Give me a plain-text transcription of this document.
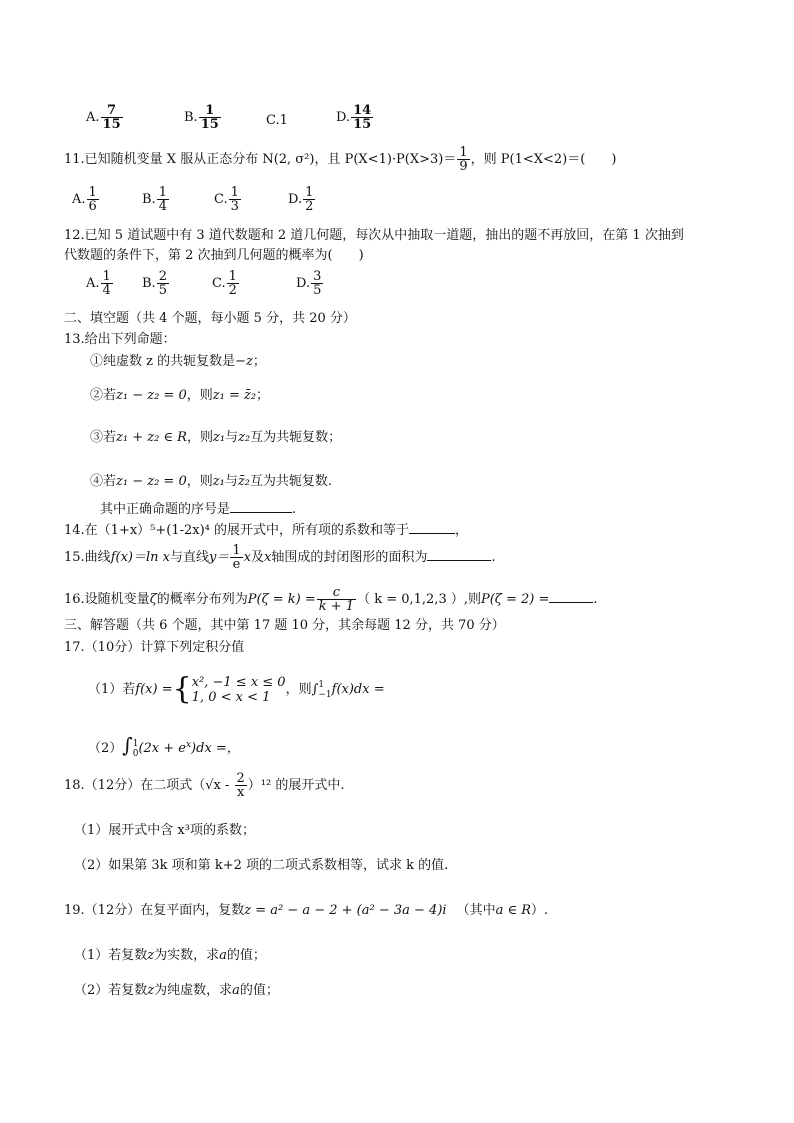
A. $\frac{7}{15}$	B. $\frac{1}{15}$	C.1	D. $\frac{14}{15}$
11.已知随机变量 X 服从正态分布 N(2, σ²)，且 $P(X<1)\cdot P(X>3)= \frac{1}{9}$ ，则 P(1<X<2)＝(　　)
A. $\frac{1}{6}$	B. $\frac{1}{4}$	C. $\frac{1}{3}$	D. $\frac{1}{2}$
12.已知 5 道试题中有 3 道代数题和 2 道几何题，每次从中抽取一道题，抽出的题不再放回，在第 1 次抽到
代数题的条件下，第 2 次抽到几何题的概率为(　　)
A. $\frac{1}{4} B$. $\frac{2}{5}$	C. $\frac{1}{2}$	D. $\frac{3}{5}$
二、填空题（共 4 个题，每小题 5 分，共 20 分）
13.给出下列命题：
①纯虚数 z 的共轭复数是−z；
②若z₁ − z₂ = 0，则z₁ = z̄₂；
③若z₁ + z₂ ∈ R，则z₁与z₂互为共轭复数；
④若z₁ − z₂ = 0，则z₁与z̄₂互为共轭复数.
其中正确命题的序号是	.
14.在（1+x）⁵+(1-2x)⁴ 的展开式中，所有项的系数和等于	，
15.曲线f(x)＝ln x与直线$y= \frac{1}{e}$ x及x轴围成的封闭图形的面积为	.
16.设随机变量ζ的概率分布列为$P(\zeta = k) = \frac{c}{k + 1}$ （ k = 0,1,2,3 ）,则P(ζ = 2) =	.
三、解答题（共 6 个题，其中第 17 题 10 分，其余每题 12 分，共 70 分）
17.（10分）计算下列定积分值
（1）若f(x) ={ x², −1 ≤ x ≤ 0
1, 0 < x < 1	，则∫ 1
−1 f(x)dx =
（2）∫ 1
0 $(2x + e^x)dx$ =，
18.（12分）在二项式$(√x - \frac{2}{x} )^{12}$ 的展开式中.
（1）展开式中含 x³项的系数；
（2）如果第 3k 项和第 k+2 项的二项式系数相等，试求 k 的值.
19.（12分）在复平面内，复数z = a² − a − 2 + (a² − 3a − 4)i （其中a ∈ R）.
（1）若复数z为实数，求a的值；
（2）若复数z为纯虚数，求a的值；
